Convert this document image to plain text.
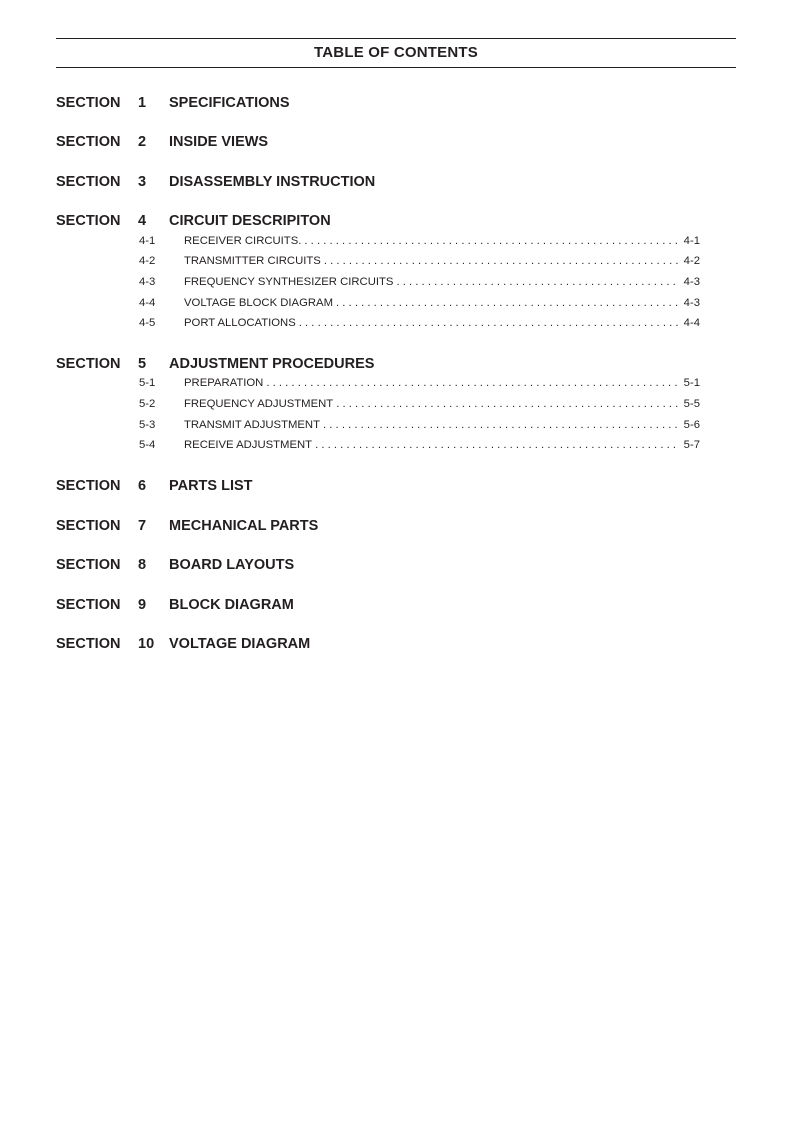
TABLE OF CONTENTS
SECTION 1 SPECIFICATIONS
SECTION 2 INSIDE VIEWS
SECTION 3 DISASSEMBLY INSTRUCTION
SECTION 4 CIRCUIT DESCRIPITON
4-1	RECEIVER CIRCUITS. . . .	4-1
4-2	TRANSMITTER CIRCUITS . . .	4-2
4-3	FREQUENCY SYNTHESIZER CIRCUITS . . .	4-3
4-4	VOLTAGE BLOCK DIAGRAM . . .	4-3
4-5	PORT ALLOCATIONS . . .	4-4
SECTION 5 ADJUSTMENT PROCEDURES
5-1	PREPARATION . . .	5-1
5-2	FREQUENCY ADJUSTMENT . . .	5-5
5-3	TRANSMIT ADJUSTMENT . . .	5-6
5-4	RECEIVE ADJUSTMENT . . .	5-7
SECTION 6 PARTS LIST
SECTION 7 MECHANICAL PARTS
SECTION 8 BOARD LAYOUTS
SECTION 9 BLOCK DIAGRAM
SECTION 10 VOLTAGE DIAGRAM
